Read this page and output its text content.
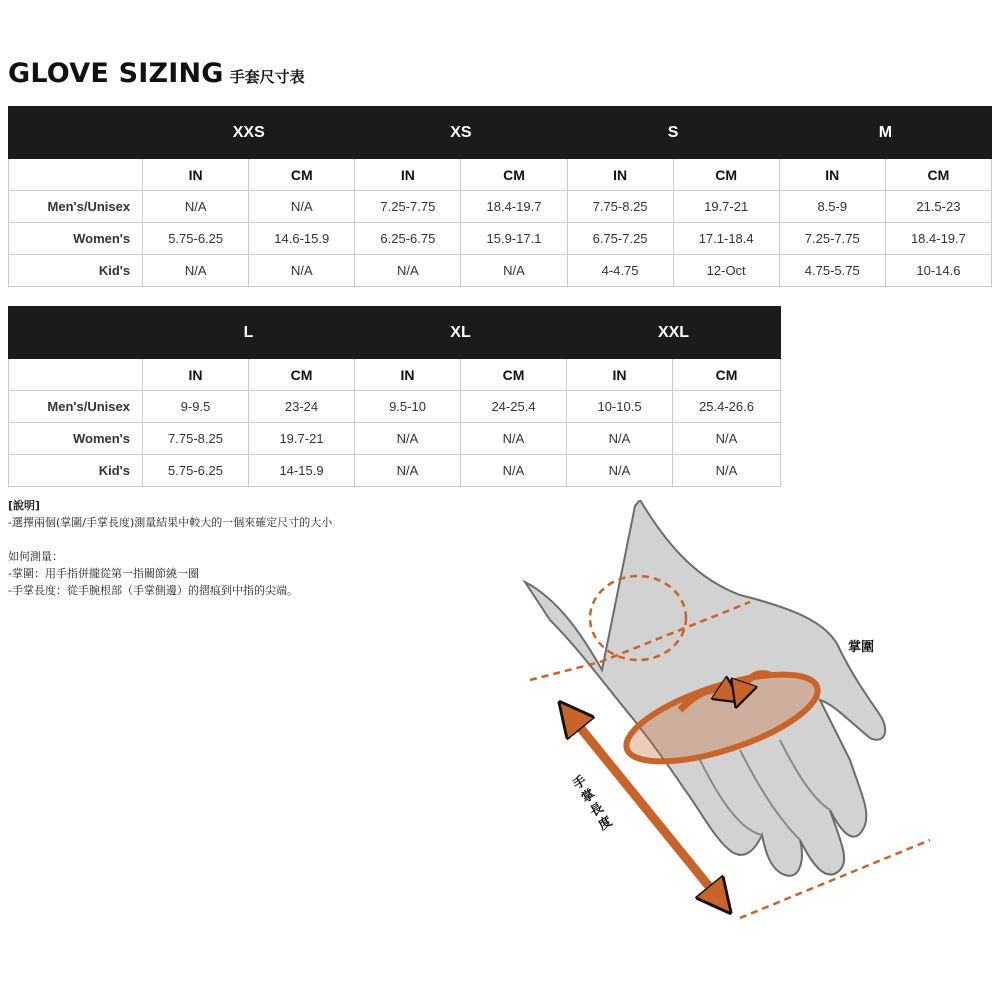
GLOVE SIZING 手套尺寸表
	XXS		XS		S		M	
	IN	CM	IN	CM	IN	CM	IN	CM
Men's/Unisex	N/A	N/A	7.25-7.75	18.4-19.7	7.75-8.25	19.7-21	8.5-9	21.5-23
Women's	5.75-6.25	14.6-15.9	6.25-6.75	15.9-17.1	6.75-7.25	17.1-18.4	7.25-7.75	18.4-19.7
Kid's	N/A	N/A	N/A	N/A	4-4.75	12-Oct	4.75-5.75	10-14.6
	L		XL		XXL	
	IN	CM	IN	CM	IN	CM
Men's/Unisex	9-9.5	23-24	9.5-10	24-25.4	10-10.5	25.4-26.6
Women's	7.75-8.25	19.7-21	N/A	N/A	N/A	N/A
Kid's	5.75-6.25	14-15.9	N/A	N/A	N/A	N/A
[說明]
-選擇兩個(掌圍/手掌長度)測量結果中較大的一個來確定尺寸的大小
如何測量：
-掌圍：用手指併攏從第一指關節繞一圈
-手掌長度：從手腕根部（手掌側邊）的摺痕到中指的尖端。
掌圍
手掌長度
